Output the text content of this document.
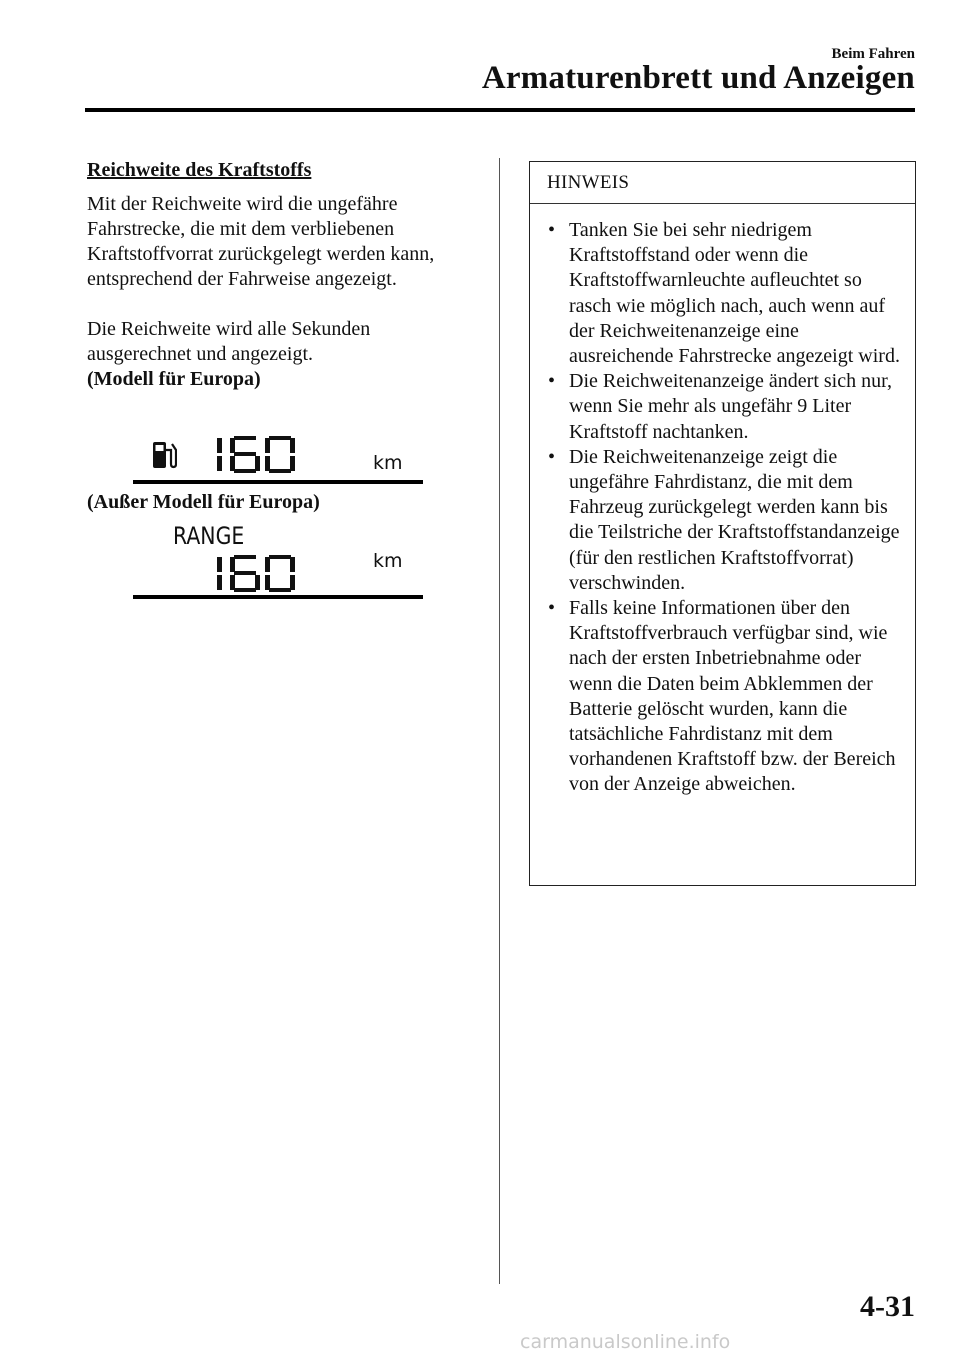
Beim Fahren
Armaturenbrett und Anzeigen
Reichweite des Kraftstoffs

Mit der Reichweite wird die ungefähre Fahrstrecke, die mit dem verbliebenen Kraftstoffvorrat zurückgelegt werden kann, entsprechend der Fahrweise angezeigt.

Die Reichweite wird alle Sekunden ausgerechnet und angezeigt.

(Modell für Europa)
km
(Außer Modell für Europa)
RANGE
km
HINWEIS
• Tanken Sie bei sehr niedrigem Kraftstoffstand oder wenn die Kraftstoffwarnleuchte aufleuchtet so rasch wie möglich nach, auch wenn auf der Reichweitenanzeige eine ausreichende Fahrstrecke angezeigt wird.
• Die Reichweitenanzeige ändert sich nur, wenn Sie mehr als ungefähr 9 Liter Kraftstoff nachtanken.
• Die Reichweitenanzeige zeigt die ungefähre Fahrdistanz, die mit dem Fahrzeug zurückgelegt werden kann bis die Teilstriche der Kraftstoffstandanzeige (für den restlichen Kraftstoffvorrat) verschwinden.
• Falls keine Informationen über den Kraftstoffverbrauch verfügbar sind, wie nach der ersten Inbetriebnahme oder wenn die Daten beim Abklemmen der Batterie gelöscht wurden, kann die tatsächliche Fahrdistanz mit dem vorhandenen Kraftstoff bzw. der Bereich von der Anzeige abweichen.
4-31
carmanualsonline.info
